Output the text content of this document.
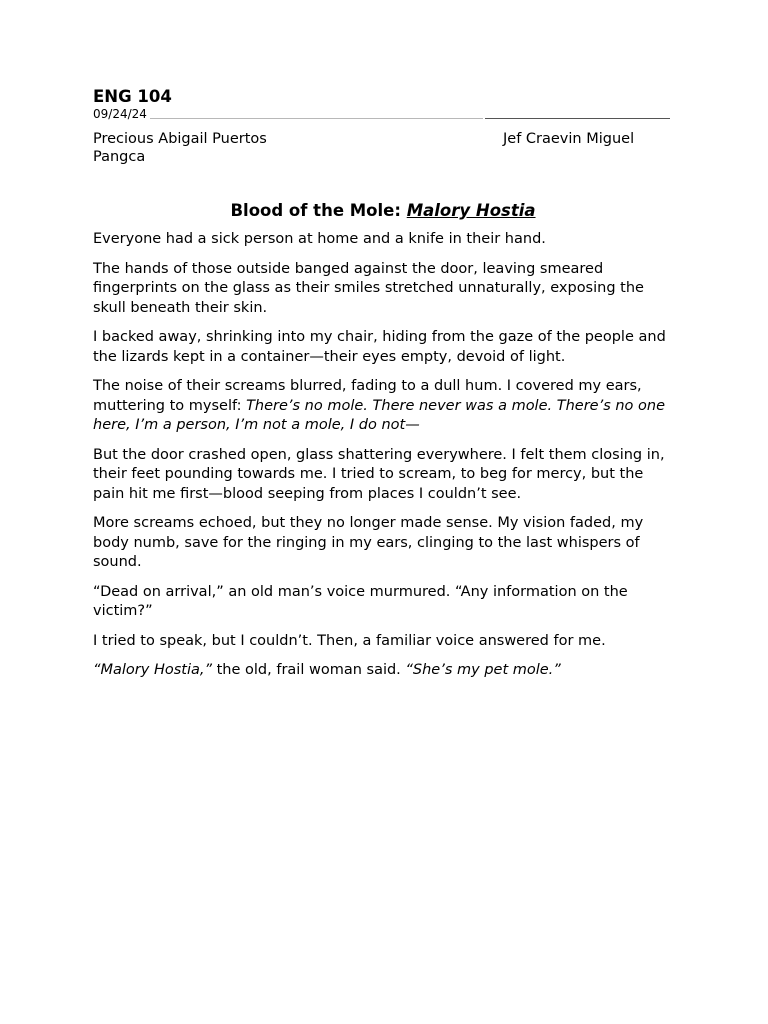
ENG 104
09/24/24
Precious Abigail Puertos Pangca
Jef Craevin Miguel
Blood of the Mole: Malory Hostia

Everyone had a sick person at home and a knife in their hand.

The hands of those outside banged against the door, leaving smeared fingerprints on the glass as their smiles stretched unnaturally, exposing the skull beneath their skin.

I backed away, shrinking into my chair, hiding from the gaze of the people and the lizards kept in a container—their eyes empty, devoid of light.

The noise of their screams blurred, fading to a dull hum. I covered my ears, muttering to myself: There’s no mole. There never was a mole. There’s no one here, I’m a person, I’m not a mole, I do not—

But the door crashed open, glass shattering everywhere. I felt them closing in, their feet pounding towards me. I tried to scream, to beg for mercy, but the pain hit me first—blood seeping from places I couldn’t see.

More screams echoed, but they no longer made sense. My vision faded, my body numb, save for the ringing in my ears, clinging to the last whispers of sound.

“Dead on arrival,” an old man’s voice murmured. “Any information on the victim?”

I tried to speak, but I couldn’t. Then, a familiar voice answered for me.

“Malory Hostia,” the old, frail woman said. “She’s my pet mole.”
